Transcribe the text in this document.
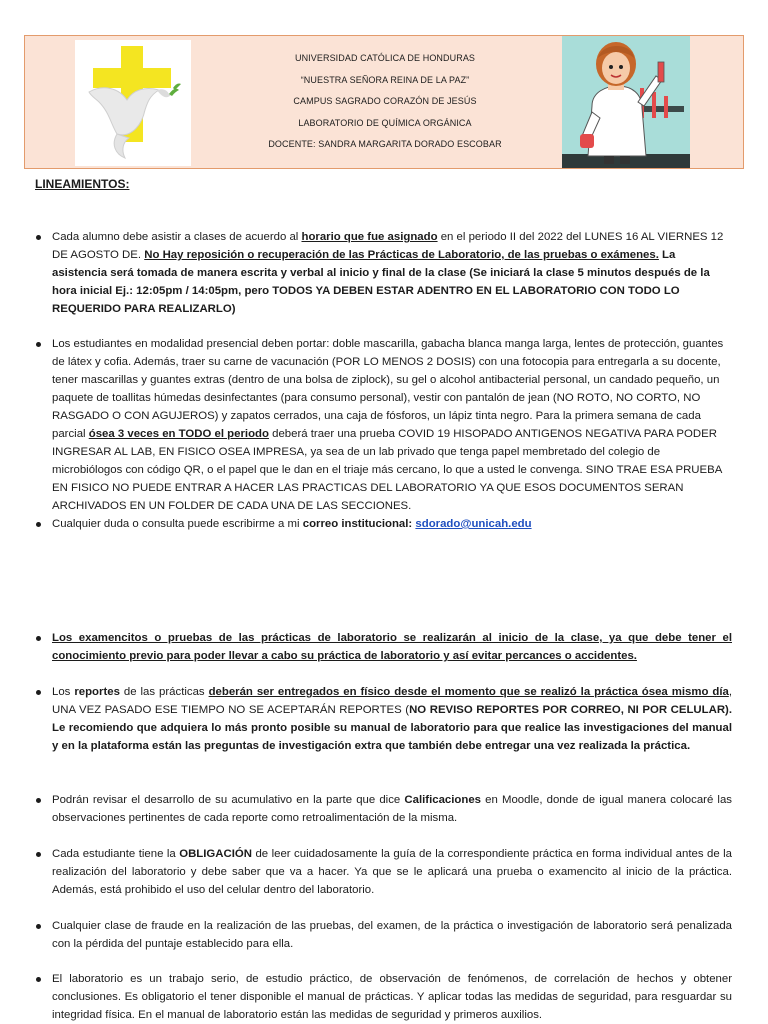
UNIVERSIDAD CATÓLICA DE HONDURAS
“NUESTRA SEÑORA REINA DE LA PAZ”
CAMPUS SAGRADO CORAZÓN DE JESÚS
LABORATORIO DE QUÍMICA ORGÁNICA
DOCENTE: SANDRA MARGARITA DORADO ESCOBAR
LINEAMIENTOS:
Cada alumno debe asistir a clases de acuerdo al horario que fue asignado en el periodo II del 2022 del LUNES 16 AL VIERNES 12 DE AGOSTO DE. No Hay reposición o recuperación de las Prácticas de Laboratorio, de las pruebas o exámenes. La asistencia será tomada de manera escrita y verbal al inicio y final de la clase (Se iniciará la clase 5 minutos después de la hora inicial Ej.: 12:05pm / 14:05pm, pero TODOS YA DEBEN ESTAR ADENTRO EN EL LABORATORIO CON TODO LO REQUERIDO PARA REALIZARLO)
Los estudiantes en modalidad presencial deben portar: doble mascarilla, gabacha blanca manga larga, lentes de protección, guantes de látex y cofia. Además, traer su carne de vacunación (POR LO MENOS 2 DOSIS) con una fotocopia para entregarla a su docente, tener mascarillas y guantes extras (dentro de una bolsa de ziplock), su gel o alcohol antibacterial personal, un candado pequeño, un paquete de toallitas húmedas desinfectantes (para consumo personal), vestir con pantalón de jean (NO ROTO, NO CORTO, NO RASGADO O CON AGUJEROS) y zapatos cerrados, una caja de fósforos, un lápiz tinta negro. Para la primera semana de cada parcial ósea 3 veces en TODO el periodo deberá traer una prueba COVID 19 HISOPADO ANTIGENOS NEGATIVA PARA PODER INGRESAR AL LAB, EN FISICO OSEA IMPRESA, ya sea de un lab privado que tenga papel membretado del colegio de microbiólogos con código QR, o el papel que le dan en el triaje más cercano, lo que a usted le convenga. SINO TRAE ESA PRUEBA EN FISICO NO PUEDE ENTRAR A HACER LAS PRACTICAS DEL LABORATORIO YA QUE ESOS DOCUMENTOS SERAN ARCHIVADOS EN UN FOLDER DE CADA UNA DE LAS SECCIONES.
Cualquier duda o consulta puede escribirme a mi correo institucional: sdorado@unicah.edu
Los examencitos o pruebas de las prácticas de laboratorio se realizarán al inicio de la clase, ya que debe tener el conocimiento previo para poder llevar a cabo su práctica de laboratorio y así evitar percances o accidentes.
Los reportes de las prácticas deberán ser entregados en físico desde el momento que se realizó la práctica ósea mismo día, UNA VEZ PASADO ESE TIEMPO NO SE ACEPTARÁN REPORTES (NO REVISO REPORTES POR CORREO, NI POR CELULAR). Le recomiendo que adquiera lo más pronto posible su manual de laboratorio para que realice las investigaciones del manual y en la plataforma están las preguntas de investigación extra que también debe entregar una vez realizada la práctica.
Podrán revisar el desarrollo de su acumulativo en la parte que dice Calificaciones en Moodle, donde de igual manera colocaré las observaciones pertinentes de cada reporte como retroalimentación de la misma.
Cada estudiante tiene la OBLIGACIÓN de leer cuidadosamente la guía de la correspondiente práctica en forma individual antes de la realización del laboratorio y debe saber que va a hacer. Ya que se le aplicará una prueba o examencito al inicio de la práctica. Además, está prohibido el uso del celular dentro del laboratorio.
Cualquier clase de fraude en la realización de las pruebas, del examen, de la práctica o investigación de laboratorio será penalizada con la pérdida del puntaje establecido para ella.
El laboratorio es un trabajo serio, de estudio práctico, de observación de fenómenos, de correlación de hechos y obtener conclusiones. Es obligatorio el tener disponible el manual de prácticas. Y aplicar todas las medidas de seguridad, para resguardar su integridad física. En el manual de laboratorio están las medidas de seguridad y primeros auxilios.
